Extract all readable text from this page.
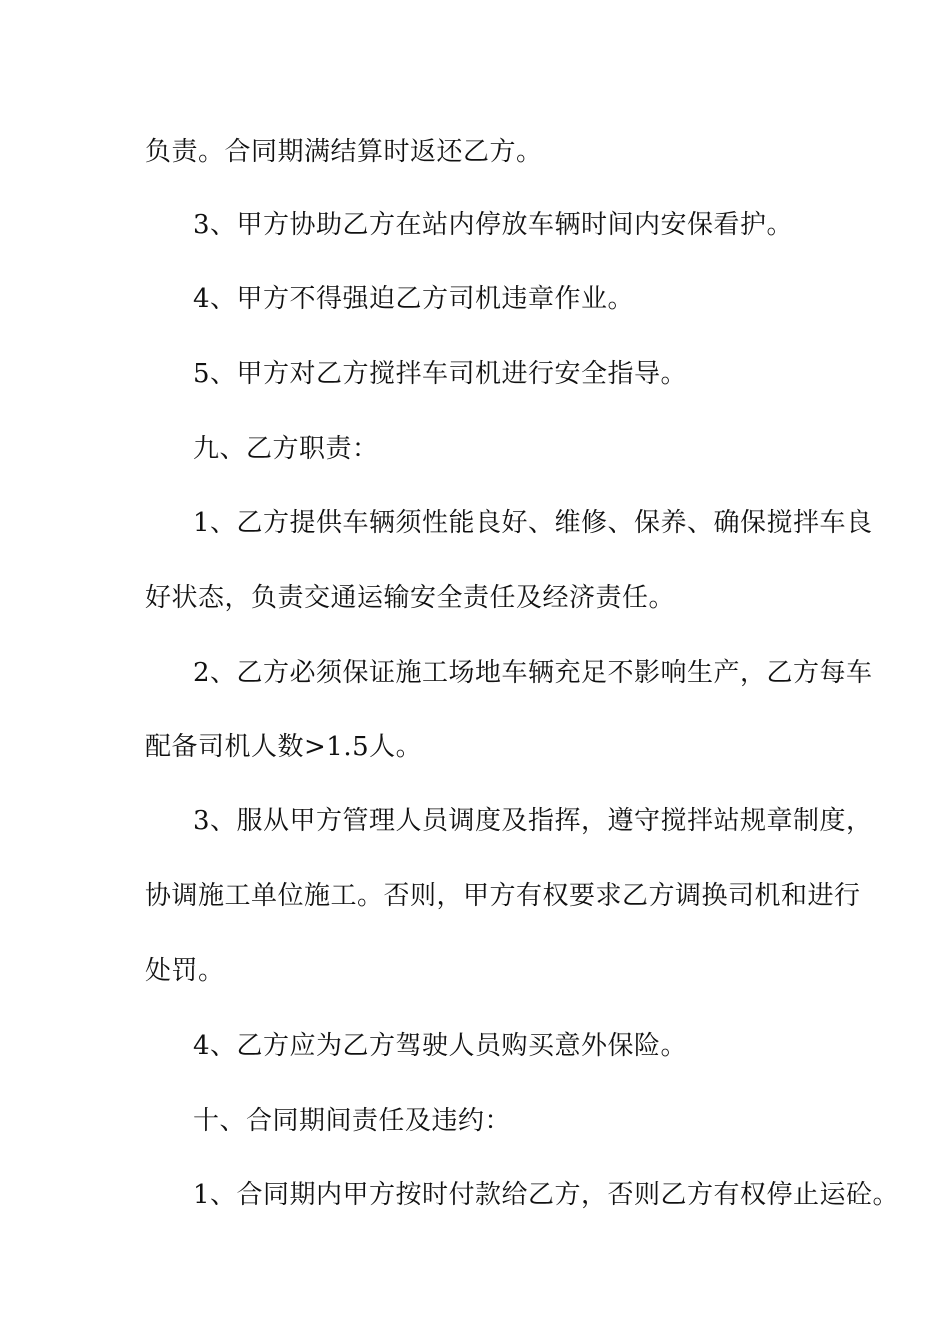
负责。合同期满结算时返还乙方。
3、甲方协助乙方在站内停放车辆时间内安保看护。
4、甲方不得强迫乙方司机违章作业。
5、甲方对乙方搅拌车司机进行安全指导。
九、乙方职责：
1、乙方提供车辆须性能良好、维修、保养、确保搅拌车良
好状态，负责交通运输安全责任及经济责任。
2、乙方必须保证施工场地车辆充足不影响生产，乙方每车
配备司机人数>1.5人。
3、服从甲方管理人员调度及指挥，遵守搅拌站规章制度，
协调施工单位施工。否则，甲方有权要求乙方调换司机和进行
处罚。
4、乙方应为乙方驾驶人员购买意外保险。
十、合同期间责任及违约：
1、合同期内甲方按时付款给乙方，否则乙方有权停止运砼。
